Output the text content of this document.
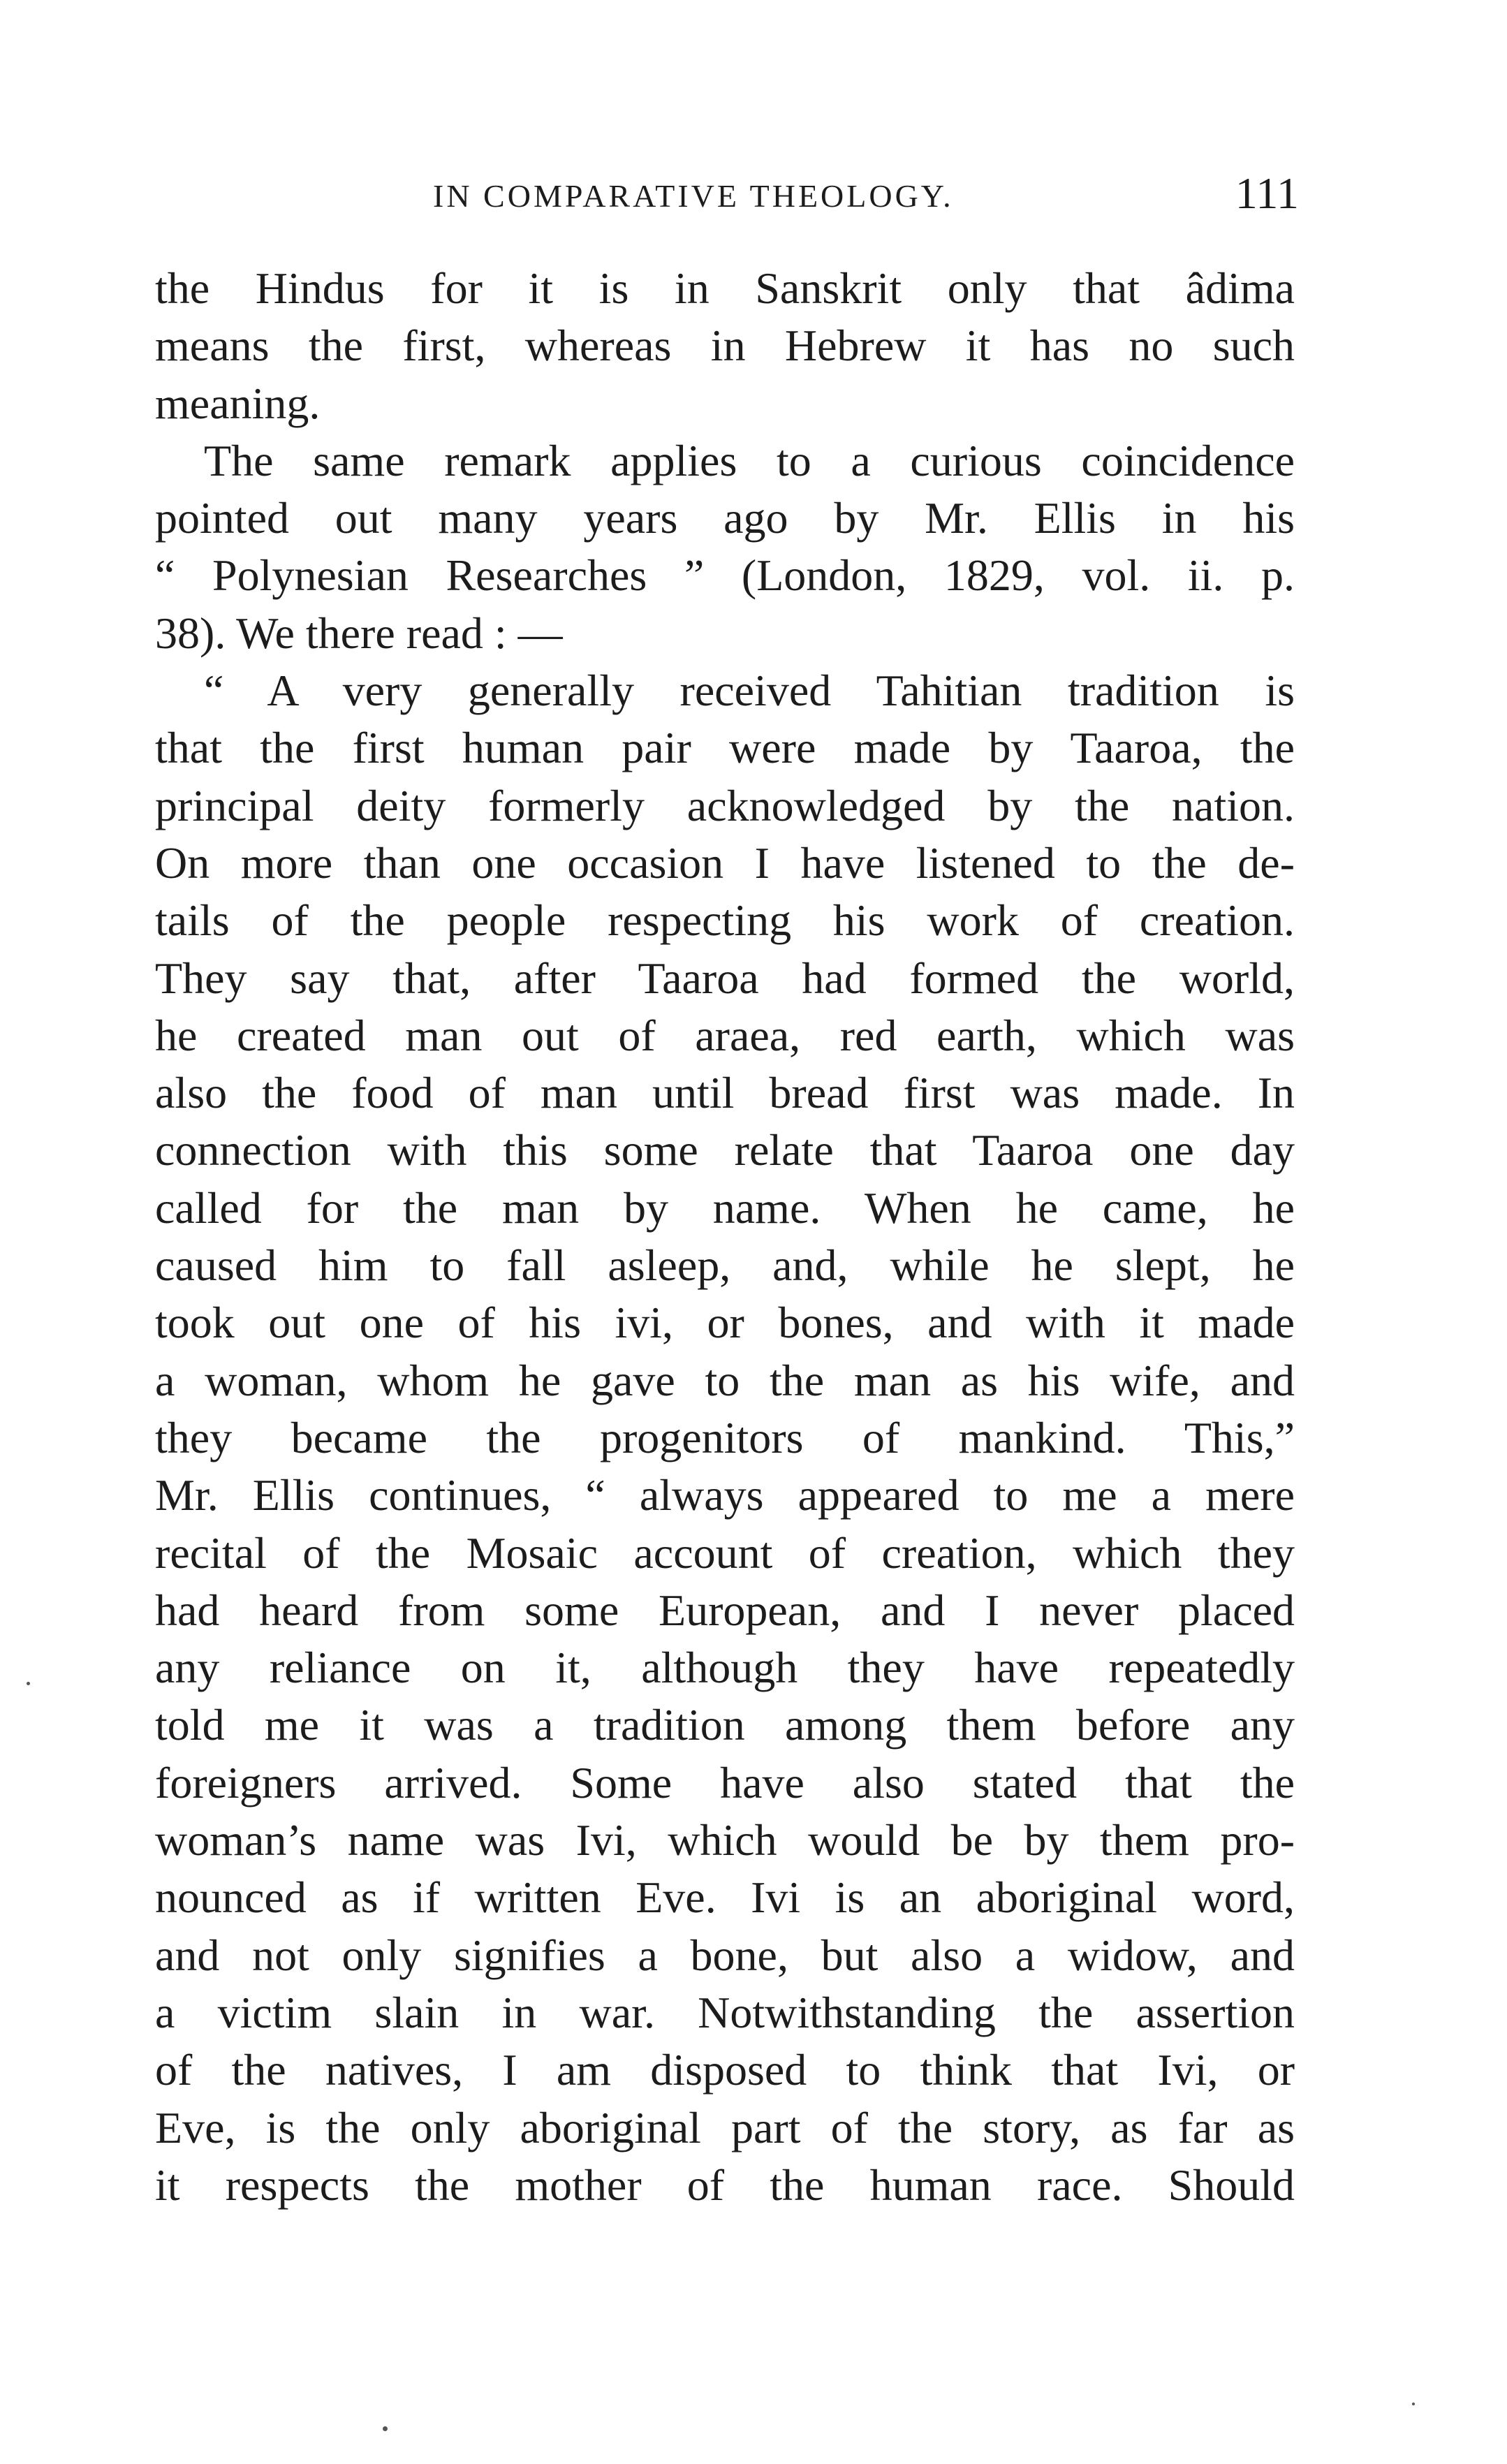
IN COMPARATIVE THEOLOGY.	111
the Hindus for it is in Sanskrit only that âdima
means the first, whereas in Hebrew it has no such
meaning.
The same remark applies to a curious coincidence
pointed out many years ago by Mr. Ellis in his
“ Polynesian Researches ” (London, 1829, vol. ii. p.
38). We there read : —
“ A very generally received Tahitian tradition is
that the first human pair were made by Taaroa, the
principal deity formerly acknowledged by the nation.
On more than one occasion I have listened to the de-
tails of the people respecting his work of creation.
They say that, after Taaroa had formed the world,
he created man out of araea, red earth, which was
also the food of man until bread first was made. In
connection with this some relate that Taaroa one day
called for the man by name. When he came, he
caused him to fall asleep, and, while he slept, he
took out one of his ivi, or bones, and with it made
a woman, whom he gave to the man as his wife, and
they became the progenitors of mankind. This,”
Mr. Ellis continues, “ always appeared to me a mere
recital of the Mosaic account of creation, which they
had heard from some European, and I never placed
any reliance on it, although they have repeatedly
told me it was a tradition among them before any
foreigners arrived. Some have also stated that the
woman’s name was Ivi, which would be by them pro-
nounced as if written Eve. Ivi is an aboriginal word,
and not only signifies a bone, but also a widow, and
a victim slain in war. Notwithstanding the assertion
of the natives, I am disposed to think that Ivi, or
Eve, is the only aboriginal part of the story, as far as
it respects the mother of the human race. Should
